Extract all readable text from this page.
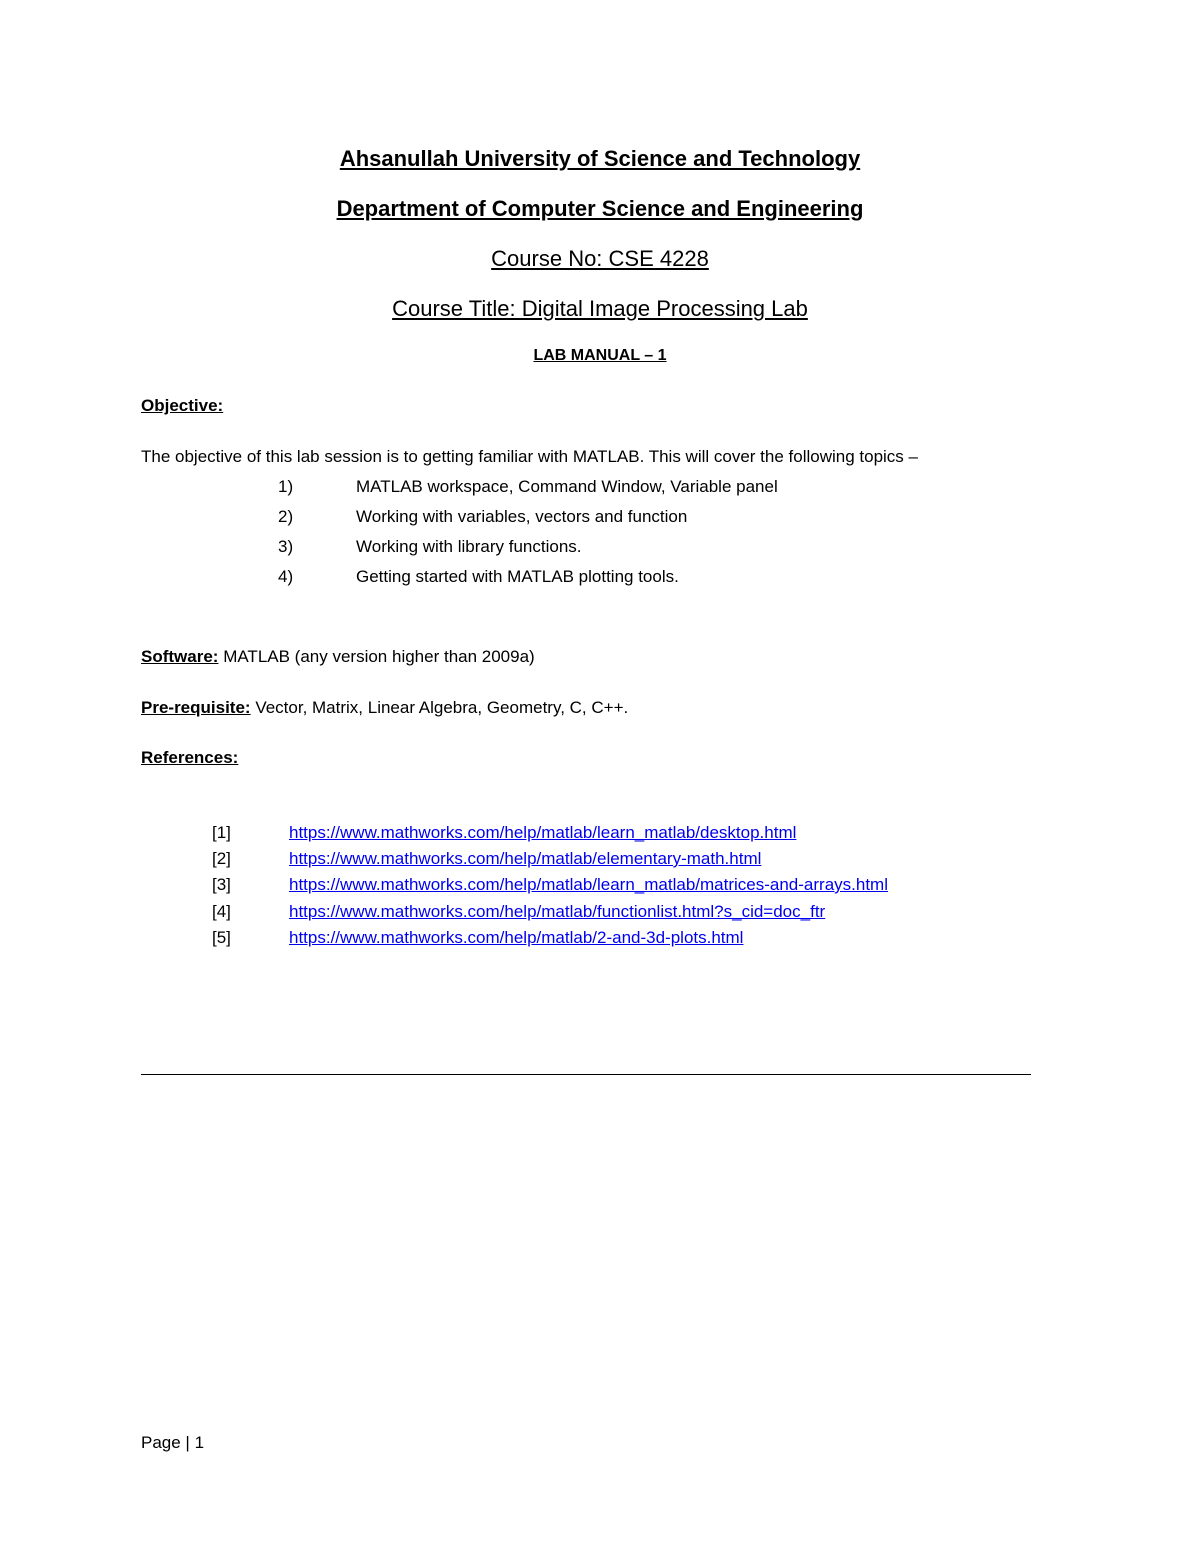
Ahsanullah University of Science and Technology
Department of Computer Science and Engineering
Course No: CSE 4228
Course Title: Digital Image Processing Lab
LAB MANUAL – 1
Objective:
The objective of this lab session is to getting familiar with MATLAB. This will cover the following topics –
1)	MATLAB workspace, Command Window, Variable panel
2)	Working with variables, vectors and function
3)	Working with library functions.
4)	Getting started with MATLAB plotting tools.
Software: MATLAB (any version higher than 2009a)
Pre-requisite: Vector, Matrix, Linear Algebra, Geometry, C, C++.
References:
[1]	https://www.mathworks.com/help/matlab/learn_matlab/desktop.html
[2]	https://www.mathworks.com/help/matlab/elementary-math.html
[3]	https://www.mathworks.com/help/matlab/learn_matlab/matrices-and-arrays.html
[4]	https://www.mathworks.com/help/matlab/functionlist.html?s_cid=doc_ftr
[5]	https://www.mathworks.com/help/matlab/2-and-3d-plots.html
Page | 1
